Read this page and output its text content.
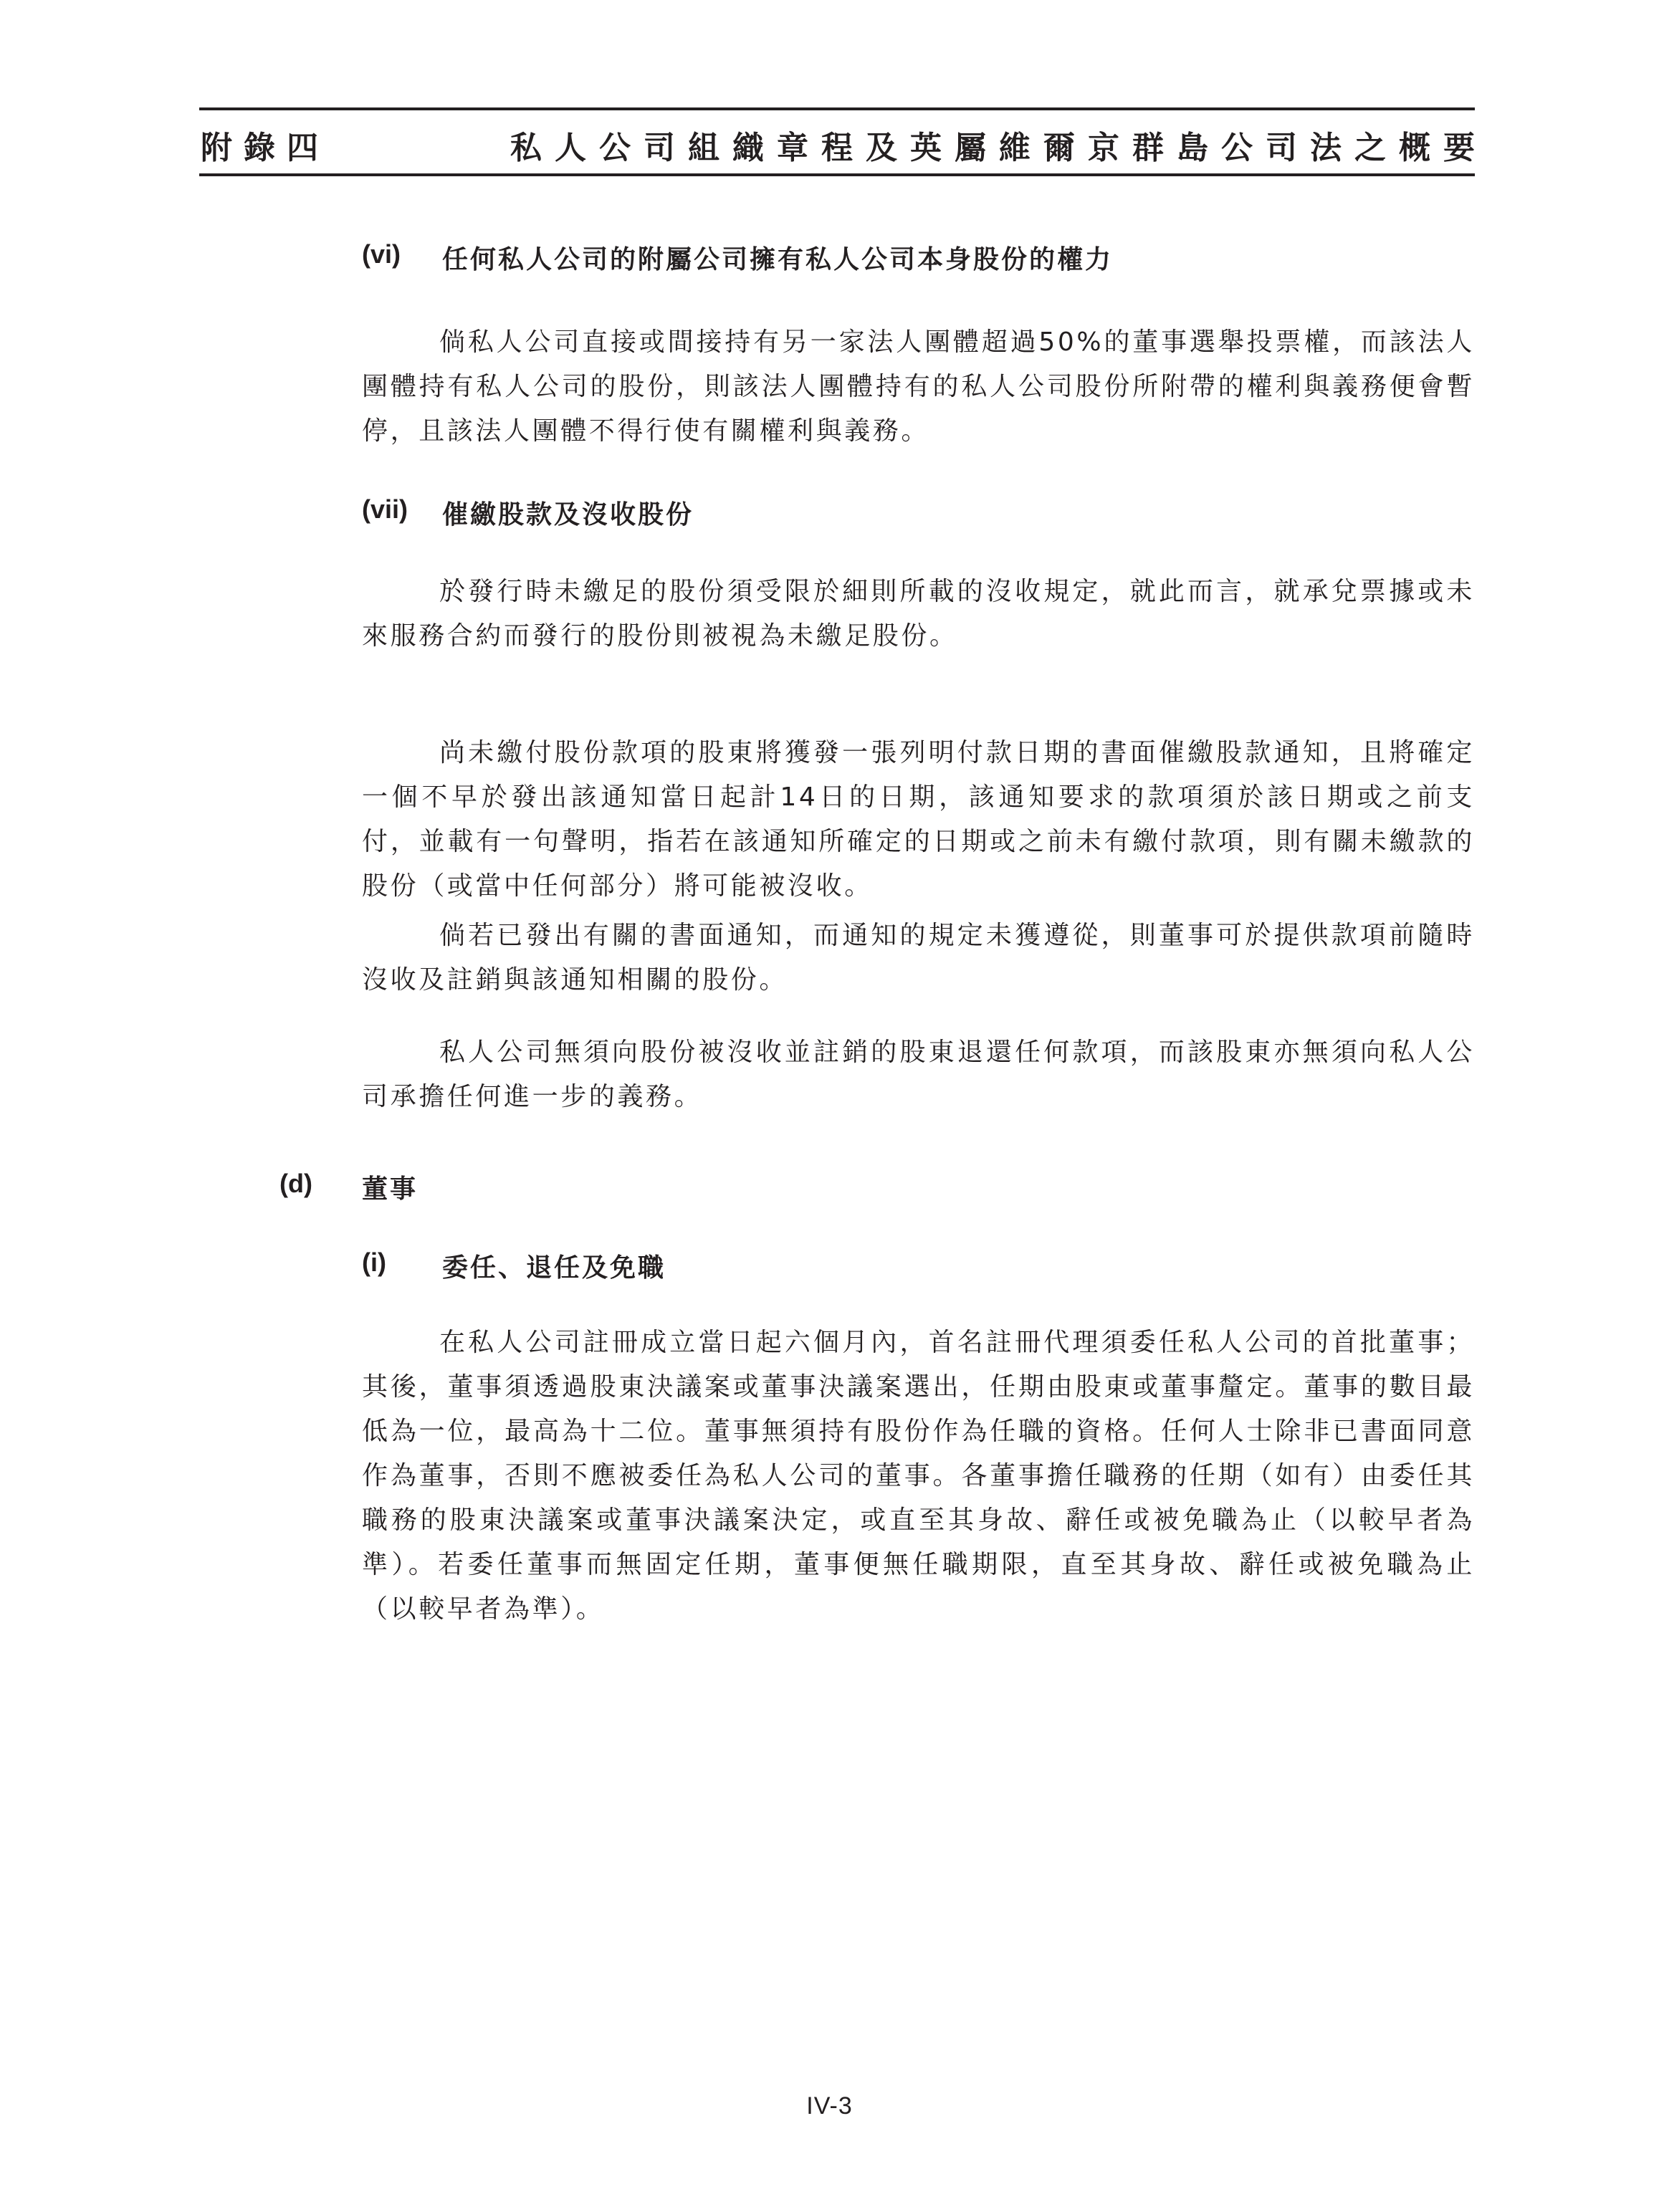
附錄四	私人公司組織章程及英屬維爾京群島公司法之概要
(vi) 任何私人公司的附屬公司擁有私人公司本身股份的權力

倘私人公司直接或間接持有另一家法人團體超過50%的董事選舉投票權，而該法人團體持有私人公司的股份，則該法人團體持有的私人公司股份所附帶的權利與義務便會暫停，且該法人團體不得行使有關權利與義務。

(vii) 催繳股款及沒收股份

於發行時未繳足的股份須受限於細則所載的沒收規定，就此而言，就承兌票據或未來服務合約而發行的股份則被視為未繳足股份。

尚未繳付股份款項的股東將獲發一張列明付款日期的書面催繳股款通知，且將確定一個不早於發出該通知當日起計14日的日期，該通知要求的款項須於該日期或之前支付，並載有一句聲明，指若在該通知所確定的日期或之前未有繳付款項，則有關未繳款的股份（或當中任何部分）將可能被沒收。

倘若已發出有關的書面通知，而通知的規定未獲遵從，則董事可於提供款項前隨時沒收及註銷與該通知相關的股份。

私人公司無須向股份被沒收並註銷的股東退還任何款項，而該股東亦無須向私人公司承擔任何進一步的義務。

(d) 董事
(i) 委任、退任及免職

在私人公司註冊成立當日起六個月內，首名註冊代理須委任私人公司的首批董事；其後，董事須透過股東決議案或董事決議案選出，任期由股東或董事釐定。董事的數目最低為一位，最高為十二位。董事無須持有股份作為任職的資格。任何人士除非已書面同意作為董事，否則不應被委任為私人公司的董事。各董事擔任職務的任期（如有）由委任其職務的股東決議案或董事決議案決定，或直至其身故、辭任或被免職為止（以較早者為準）。若委任董事而無固定任期，董事便無任職期限，直至其身故、辭任或被免職為止（以較早者為準）。

IV-3
